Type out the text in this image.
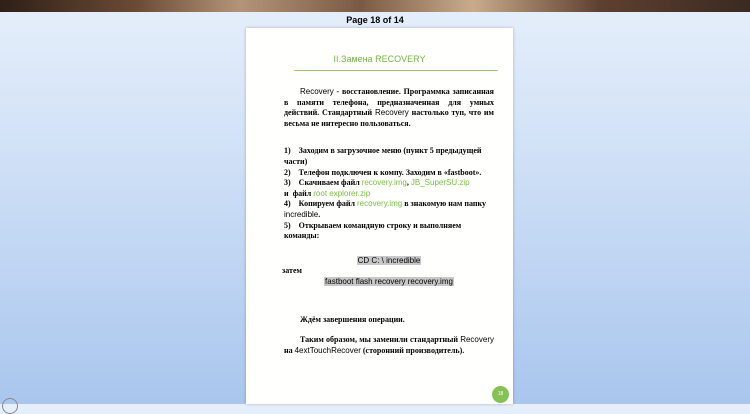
Page 18 of 14
II.Замена RECOVERY
Recovery - восстановление. Программка записанная в памяти телефона, предназначенная для умных действий. Стандартный Recovery настолько туп, что им весьма не интересно пользоваться.
1)    Заходим в загрузочное меню (пункт 5 предыдущей части)
2)    Телефон подключен к компу. Заходим в «fastboot».
3)    Скачиваем файл recovery.img, JB_SuperSU.zip
и  файл root explorer.zip
4)    Копируем файл recovery.img в знакомую нам папку incredible.
5)    Открываем командную строку и выполняем команды:
CD C: \ incredible
затем
fastboot flash recovery recovery.img
Ждём завершения операции.
Таким образом, мы заменили стандартный Recovery на 4extTouchRecover (сторонний производитель).
18
